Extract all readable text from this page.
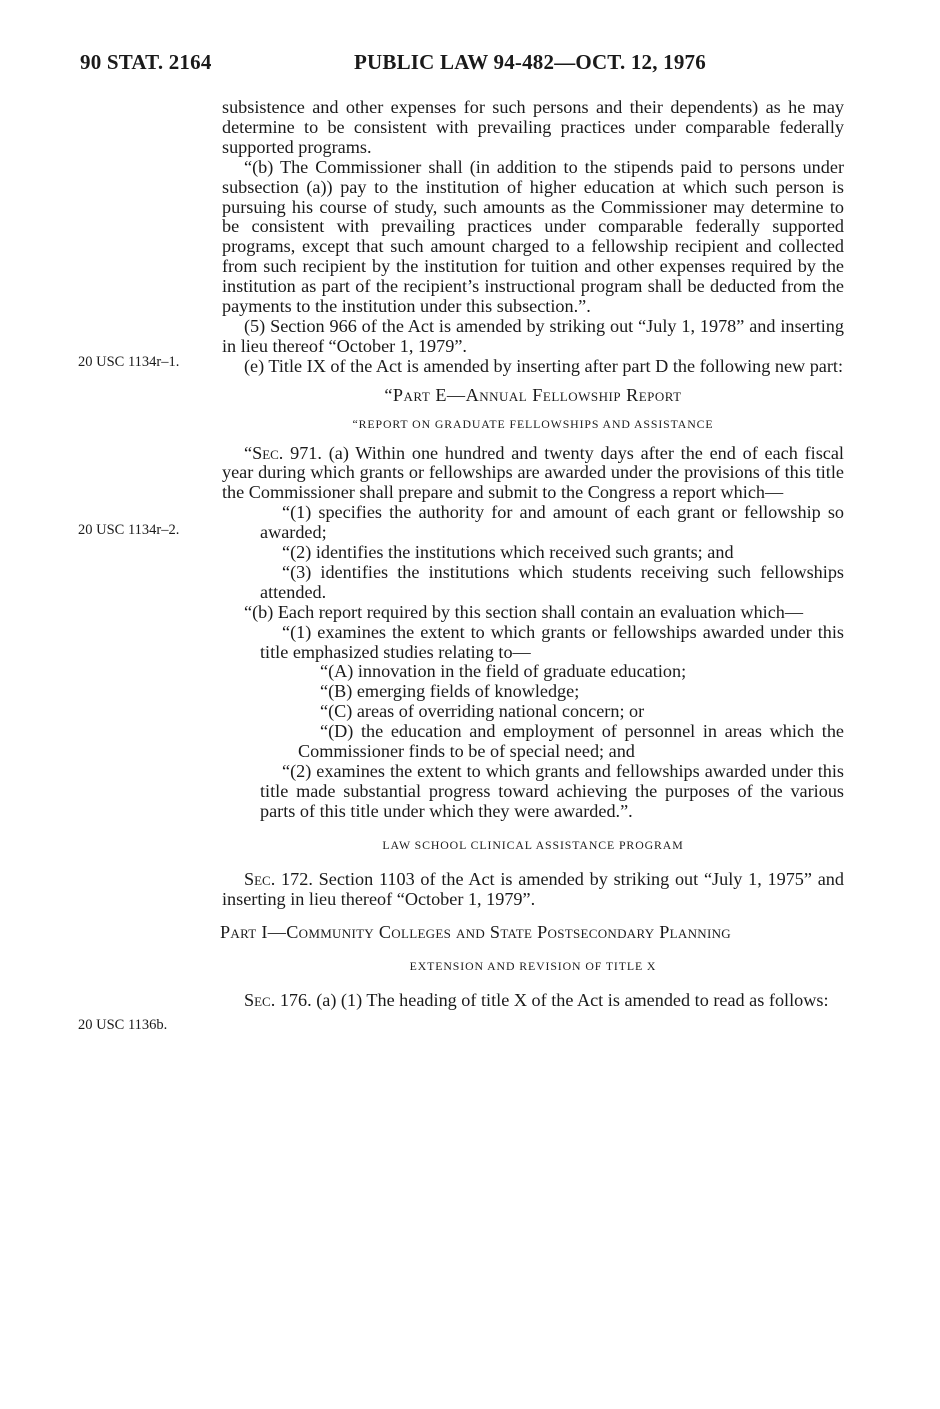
90 STAT. 2164	PUBLIC LAW 94-482—OCT. 12, 1976
20 USC 1134r–1.
20 USC 1134r–2.
20 USC 1136b.

subsistence and other expenses for such persons and their dependents) as he may determine to be consistent with prevailing practices under comparable federally supported programs.

“(b) The Commissioner shall (in addition to the stipends paid to persons under subsection (a)) pay to the institution of higher education at which such person is pursuing his course of study, such amounts as the Commissioner may determine to be consistent with prevailing practices under comparable federally supported programs, except that such amount charged to a fellowship recipient and collected from such recipient by the institution for tuition and other expenses required by the institution as part of the recipient’s instructional program shall be deducted from the payments to the institution under this subsection.”.

(5) Section 966 of the Act is amended by striking out “July 1, 1978” and inserting in lieu thereof “October 1, 1979”.

(e) Title IX of the Act is amended by inserting after part D the following new part:

“Part E—Annual Fellowship Report

“REPORT ON GRADUATE FELLOWSHIPS AND ASSISTANCE

“Sec. 971. (a) Within one hundred and twenty days after the end of each fiscal year during which grants or fellowships are awarded under the provisions of this title the Commissioner shall prepare and submit to the Congress a report which—

“(1) specifies the authority for and amount of each grant or fellowship so awarded;

“(2) identifies the institutions which received such grants; and

“(3) identifies the institutions which students receiving such fellowships attended.

“(b) Each report required by this section shall contain an evaluation which—

“(1) examines the extent to which grants or fellowships awarded under this title emphasized studies relating to—

“(A) innovation in the field of graduate education;

“(B) emerging fields of knowledge;

“(C) areas of overriding national concern; or

“(D) the education and employment of personnel in areas which the Commissioner finds to be of special need; and

“(2) examines the extent to which grants and fellowships awarded under this title made substantial progress toward achieving the purposes of the various parts of this title under which they were awarded.”.

LAW SCHOOL CLINICAL ASSISTANCE PROGRAM

Sec. 172. Section 1103 of the Act is amended by striking out “July 1, 1975” and inserting in lieu thereof “October 1, 1979”.

Part I—Community Colleges and State Postsecondary Planning

EXTENSION AND REVISION OF TITLE X

Sec. 176. (a) (1) The heading of title X of the Act is amended to read as follows:
